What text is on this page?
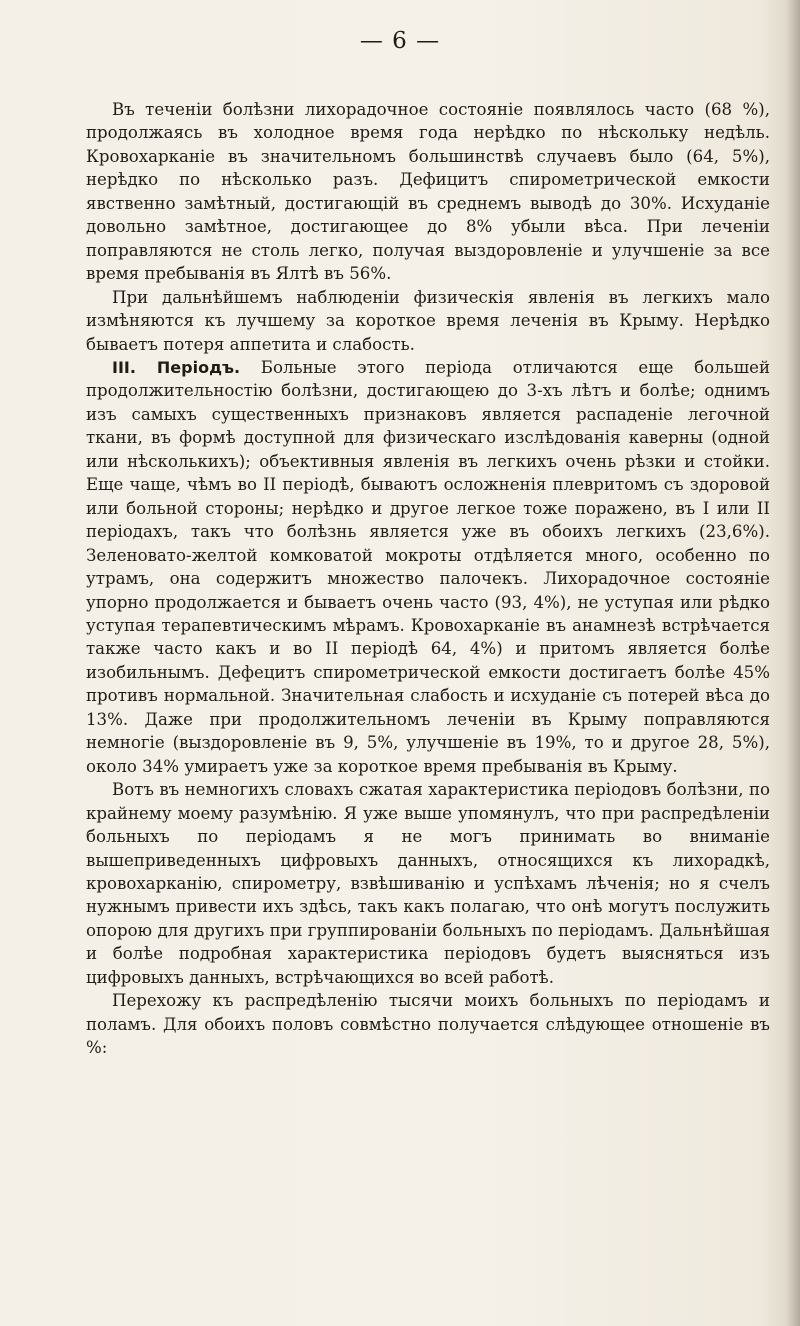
— 6 —

Въ теченіи болѣзни лихорадочное состояніе появлялось часто (68 %), продолжаясь въ холодное время года нерѣдко по нѣскольку недѣль. Кровохарканіе въ значительномъ большинствѣ случаевъ было (64, 5%), нерѣдко по нѣсколько разъ. Дефицитъ спирометрической емкости явственно замѣтный, достигающій въ среднемъ выводѣ до 30%. Исхуданіе довольно замѣтное, достигающее до 8% убыли вѣса. При леченіи поправляются не столь легко, получая выздоровленіе и улучшеніе за все время пребыванія въ Ялтѣ въ 56%.

При дальнѣйшемъ наблюденіи физическія явленія въ легкихъ мало измѣняются къ лучшему за короткое время леченія въ Крыму. Нерѣдко бываетъ потеря аппетита и слабость.

III. Періодъ. Больные этого періода отличаются еще большей продолжительностію болѣзни, достигающею до 3-хъ лѣтъ и болѣе; однимъ изъ самыхъ существенныхъ признаковъ является распаденіе легочной ткани, въ формѣ доступной для физическаго изслѣдованія каверны (одной или нѣсколькихъ); объективныя явленія въ легкихъ очень рѣзки и стойки. Еще чаще, чѣмъ во II періодѣ, бываютъ осложненія плевритомъ съ здоровой или больной стороны; нерѣдко и другое легкое тоже поражено, въ I или II періодахъ, такъ что болѣзнь является уже въ обоихъ легкихъ (23,6%). Зеленовато-желтой комковатой мокроты отдѣляется много, особенно по утрамъ, она содержитъ множество палочекъ. Лихорадочное состояніе упорно продолжается и бываетъ очень часто (93, 4%), не уступая или рѣдко уступая терапевтическимъ мѣрамъ. Кровохарканіе въ анамнезѣ встрѣчается также часто какъ и во II періодѣ 64, 4%) и притомъ является болѣе изобильнымъ. Дефецитъ спирометрической емкости достигаетъ болѣе 45% противъ нормальной. Значительная слабость и исхуданіе съ потерей вѣса до 13%. Даже при продолжительномъ леченіи въ Крыму поправляются немногіе (выздоровленіе въ 9, 5%, улучшеніе въ 19%, то и другое 28, 5%), около 34% умираетъ уже за короткое время пребыванія въ Крыму.

Вотъ въ немногихъ словахъ сжатая характеристика періодовъ болѣзни, по крайнему моему разумѣнію. Я уже выше упомянулъ, что при распредѣленіи больныхъ по періодамъ я не могъ принимать во вниманіе вышеприведенныхъ цифровыхъ данныхъ, относящихся къ лихорадкѣ, кровохарканію, спирометру, взвѣшиванію и успѣхамъ лѣченія; но я счелъ нужнымъ привести ихъ здѣсь, такъ какъ полагаю, что онѣ могутъ послужить опорою для другихъ при группированіи больныхъ по періодамъ. Дальнѣйшая и болѣе подробная характеристика періодовъ будетъ выясняться изъ цифровыхъ данныхъ, встрѣчающихся во всей работѣ.

Перехожу къ распредѣленію тысячи моихъ больныхъ по періодамъ и поламъ. Для обоихъ половъ совмѣстно получается слѣдующее отношеніе въ %:
